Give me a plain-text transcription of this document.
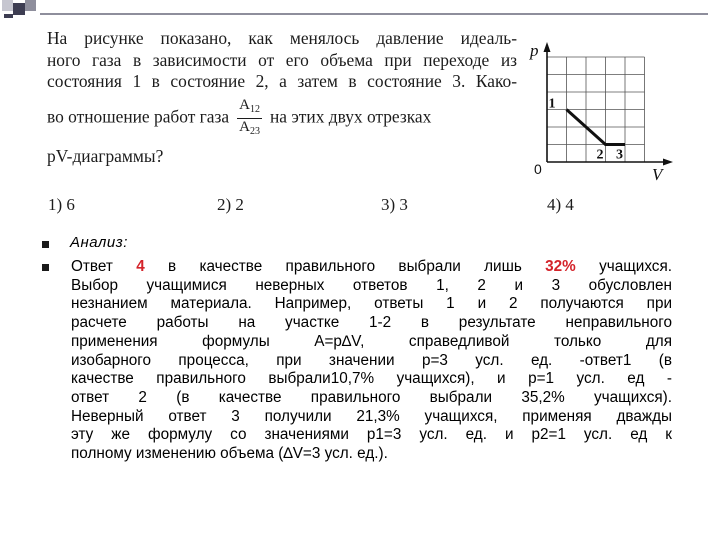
На рисунке показано, как менялось давление идеаль-
ного газа в зависимости от его объема при переходе из
состояния 1 в состояние 2, а затем в состояние 3. Како-
во отношение работ газа $\frac{A_{12}}{A_{23}}$ на этих двух отрезках
pV-диаграммы?
1) 6	2) 2	3) 3	4) 4
p
V
0
1
2 3
Анализ:
Ответ 4 в качестве правильного выбрали лишь 32% учащихся.
Выбор учащимися неверных ответов 1, 2 и 3 обусловлен
незнанием материала. Например, ответы 1 и 2 получаются при
расчете работы на участке 1-2 в результате неправильного
применения формулы A=p∆V, справедливой только для
изобарного процесса, при значении p=3 усл. ед. -ответ1 (в
качестве правильного выбрали10,7% учащихся), и p=1 усл. ед -
ответ 2 (в качестве правильного выбрали 35,2% учащихся).
Неверный ответ 3 получили 21,3% учащихся, применяя дважды
эту же формулу со значениями p1=3 усл. ед. и p2=1 усл. ед к
полному изменению объема (∆V=3 усл. ед.).
